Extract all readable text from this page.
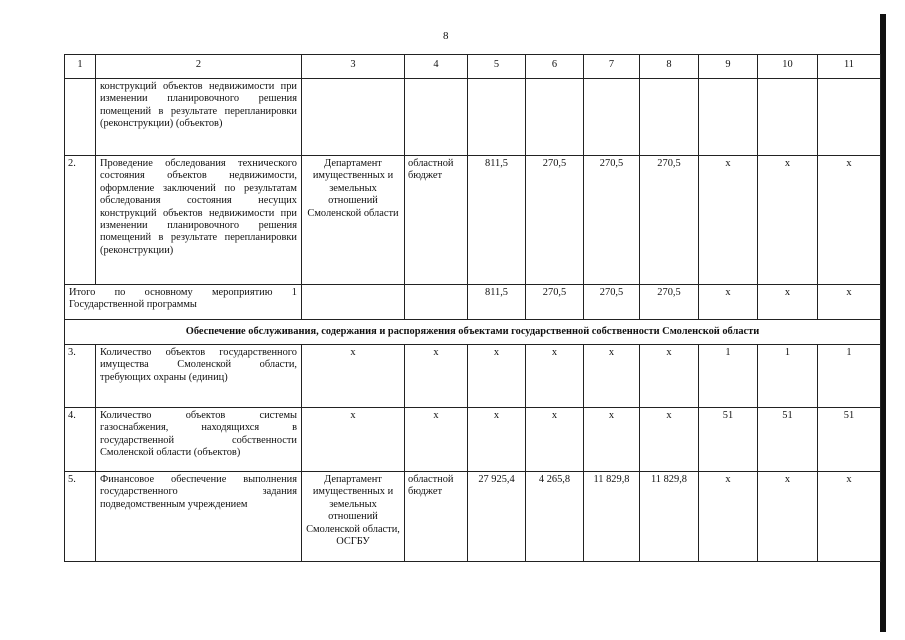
8
1	2	3	4	5	6	7	8	9	10	11
	конструкций объектов недвижимости при изменении планировочного решения помещений в результате перепланировки (реконструкции) (объектов)									
2.	Проведение обследования технического состояния объектов недвижимости, оформление заключений по результатам обследования состояния несущих конструкций объектов недвижимости при изменении планировочного решения помещений в результате перепланировки (реконструкции)	Департамент имущественных и земельных отношений Смоленской области	областной бюджет	811,5	270,5	270,5	270,5	х	х	х
Итого по основному мероприятию 1 Государственной программы				811,5	270,5	270,5	270,5	х	х	х
Обеспечение обслуживания, содержания и распоряжения объектами государственной собственности Смоленской области										
3.	Количество объектов государственного имущества Смоленской области, требующих охраны (единиц)	х	х	х	х	х	х	1	1	1
4.	Количество объектов системы газоснабжения, находящихся в государственной собственности Смоленской области (объектов)	х	х	х	х	х	х	51	51	51
5.	Финансовое обеспечение выполнения государственного задания подведомственным учреждением	Департамент имущественных и земельных отношений Смоленской области, ОСГБУ	областной бюджет	27 925,4	4 265,8	11 829,8	11 829,8	х	х	х
